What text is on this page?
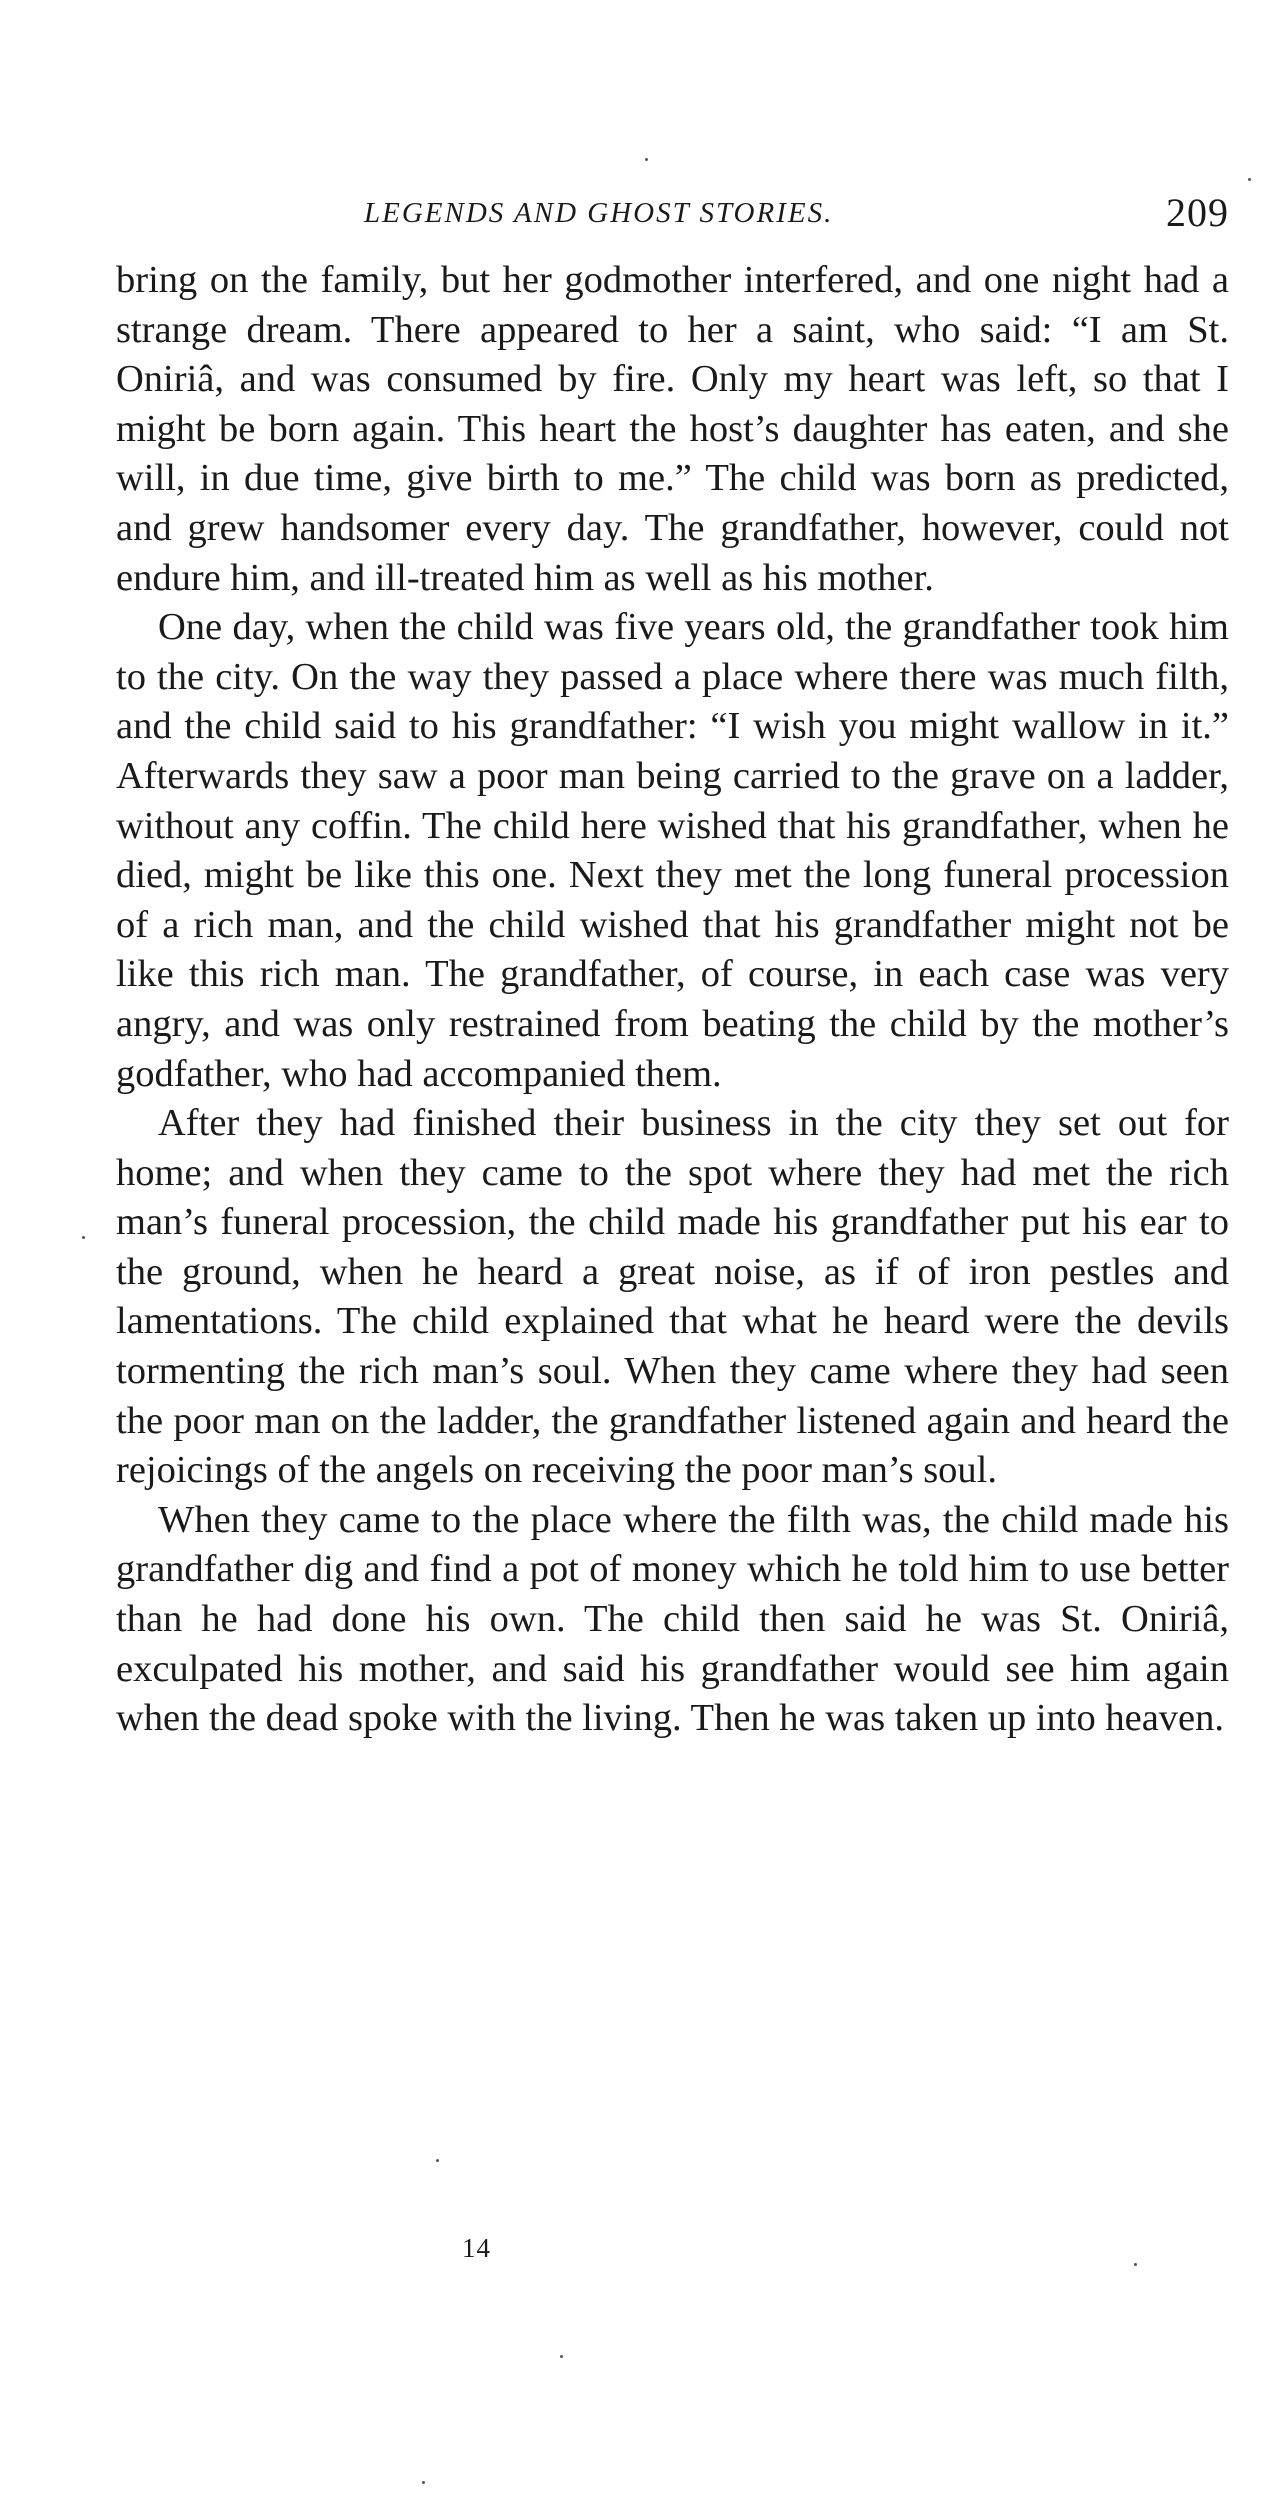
LEGENDS AND GHOST STORIES.	209

bring on the family, but her godmother interfered, and one night had a strange dream. There appeared to her a saint, who said: “I am St. Oniriâ, and was consumed by fire. Only my heart was left, so that I might be born again. This heart the host’s daughter has eaten, and she will, in due time, give birth to me.” The child was born as predicted, and grew handsomer every day. The grandfather, however, could not endure him, and ill-treated him as well as his mother.

One day, when the child was five years old, the grandfather took him to the city. On the way they passed a place where there was much filth, and the child said to his grandfather: “I wish you might wallow in it.” Afterwards they saw a poor man being carried to the grave on a ladder, without any coffin. The child here wished that his grandfather, when he died, might be like this one. Next they met the long funeral procession of a rich man, and the child wished that his grandfather might not be like this rich man. The grandfather, of course, in each case was very angry, and was only restrained from beating the child by the mother’s godfather, who had accompanied them.

After they had finished their business in the city they set out for home; and when they came to the spot where they had met the rich man’s funeral procession, the child made his grandfather put his ear to the ground, when he heard a great noise, as if of iron pestles and lamentations. The child explained that what he heard were the devils tormenting the rich man’s soul. When they came where they had seen the poor man on the ladder, the grandfather listened again and heard the rejoicings of the angels on receiving the poor man’s soul.

When they came to the place where the filth was, the child made his grandfather dig and find a pot of money which he told him to use better than he had done his own. The child then said he was St. Oniriâ, exculpated his mother, and said his grandfather would see him again when the dead spoke with the living. Then he was taken up into heaven.

14
